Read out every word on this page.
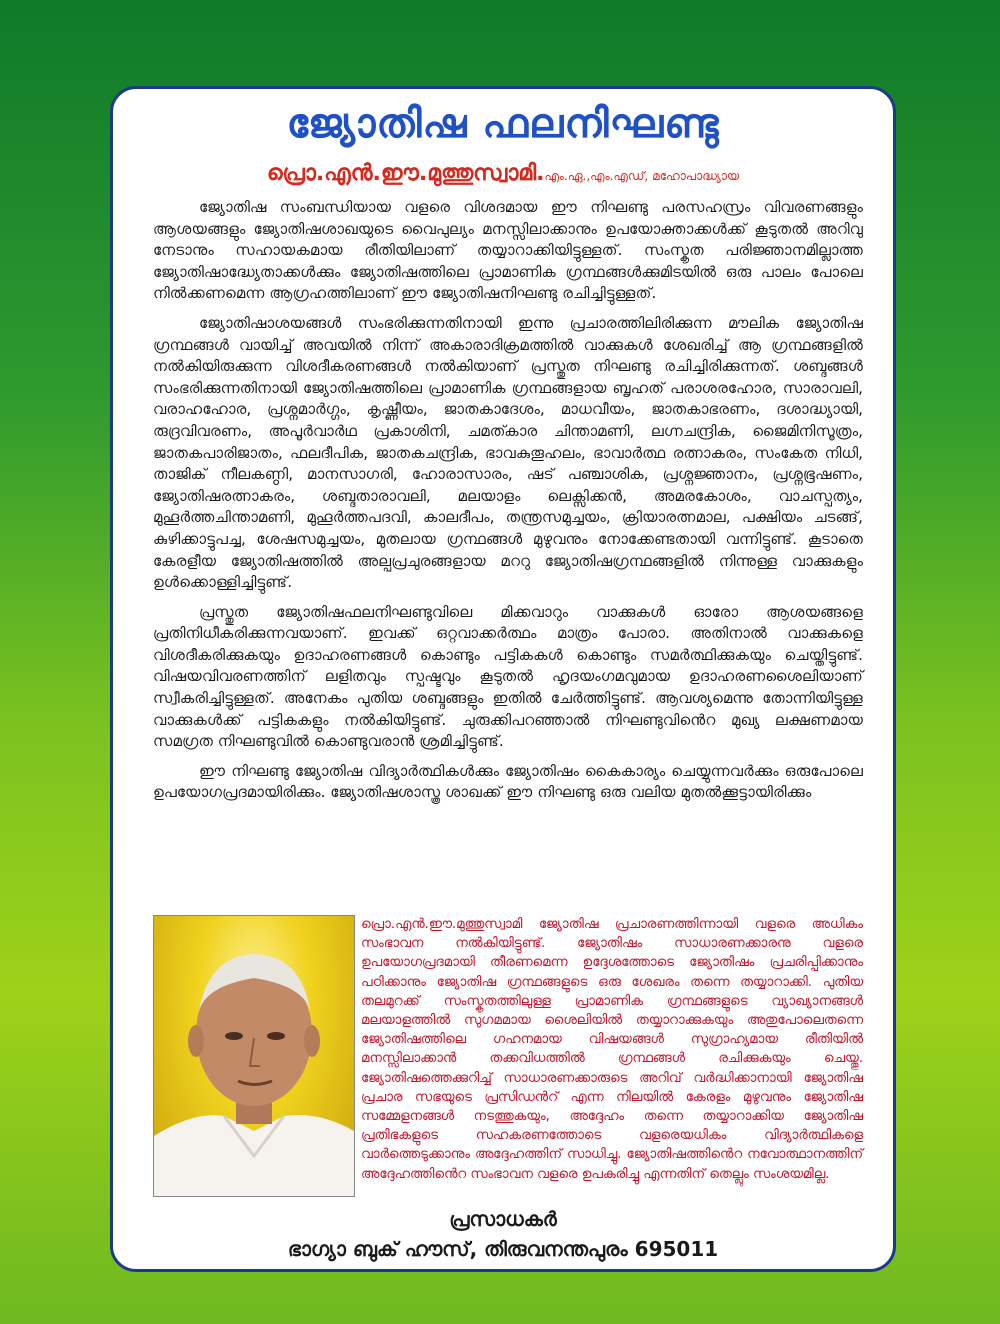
ജ്യോതിഷ ഫലനിഘണ്ടു
പ്രൊ.എൻ.ഈ.മുത്തുസ്വാമി.എം.ഏ.,എം.എഡ്, മഹോപാദ്ധ്യായ

ജ്യോതിഷ സംബന്ധിയായ വളരെ വിശദമായ ഈ നിഘണ്ടു പരസഹസ്രം വിവരണങ്ങളും ആശയങ്ങളും ജ്യോതിഷശാഖയുടെ വൈപുല്യം മനസ്സിലാക്കാനും ഉപയോക്താക്കൾക്ക് കൂടുതൽ അറിവു നേടാനും സഹായകമായ രീതിയിലാണ് തയ്യാറാക്കിയിട്ടുള്ളത്. സംസ്കൃത പരിജ്ഞാനമില്ലാത്ത ജ്യോതിഷാദ്ധ്യേതാക്കൾക്കും ജ്യോതിഷത്തിലെ പ്രാമാണിക ഗ്രന്ഥങ്ങൾക്കുമിടയിൽ ഒരു പാലം പോലെ നിൽക്കണമെന്ന ആഗ്രഹത്തിലാണ് ഈ ജ്യോതിഷനിഘണ്ടു രചിച്ചിട്ടുള്ളത്.

ജ്യോതിഷാശയങ്ങൾ സംഭരിക്കുന്നതിനായി ഇന്നു പ്രചാരത്തിലിരിക്കുന്ന മൗലിക ജ്യോതിഷ ഗ്രന്ഥങ്ങൾ വായിച്ച് അവയിൽ നിന്ന് അകാരാദിക്രമത്തിൽ വാക്കുകൾ ശേഖരിച്ച് ആ ഗ്രന്ഥങ്ങളിൽ നൽകിയിരുക്കുന്ന വിശദീകരണങ്ങൾ നൽകിയാണ് പ്രസ്തുത നിഘണ്ടു രചിച്ചിരിക്കുന്നത്. ശബ്ദങ്ങൾ സംഭരിക്കുന്നതിനായി ജ്യോതിഷത്തിലെ പ്രാമാണിക ഗ്രന്ഥങ്ങളായ ബൃഹത് പരാശരഹോര, സാരാവലി, വരാഹഹോര, പ്രശ്നമാർഗ്ഗം, കൃഷ്ണീയം, ജാതകാദേശം, മാധവീയം, ജാതകാഭരണം, ദശാദ്ധ്യായി, രുദ്രവിവരണം, അപൂർവാർഥ പ്രകാശിനി, ചമത്കാര ചിന്താമണി, ലഗ്നചന്ദ്രിക, ജൈമിനിസൂത്രം, ജാതകപാരിജാതം, ഫലദീപിക, ജാതകചന്ദ്രിക, ഭാവകുതൂഹലം, ഭാവാർത്ഥ രത്നാകരം, സംകേത നിധി, താജിക് നീലകണ്ഠി, മാനസാഗരി, ഹോരാസാരം, ഷട് പഞ്ചാശിക, പ്രശ്നജ്ഞാനം, പ്രശ്നഭൂഷണം, ജ്യോതിഷരത്നാകരം, ശബ്ദതാരാവലി, മലയാളം ലെക്സിക്കൻ, അമരകോശം, വാചസ്പത്യം, മുഹൂർത്തചിന്താമണി, മുഹൂർത്തപദവി, കാലദീപം, തന്ത്രസമുച്ചയം, ക്രിയാരത്നമാല, പക്ഷിയം ചടങ്ങ്, കുഴിക്കാട്ടുപച്ച, ശേഷസമുച്ചയം, മുതലായ ഗ്രന്ഥങ്ങൾ മുഴുവനും നോക്കേണ്ടതായി വന്നിട്ടുണ്ട്. കൂടാതെ കേരളീയ ജ്യോതിഷത്തിൽ അല്പപ്രചുരങ്ങളായ മററു ജ്യോതിഷഗ്രന്ഥങ്ങളിൽ നിന്നുള്ള വാക്കുകളും ഉൾക്കൊള്ളിച്ചിട്ടുണ്ട്.

പ്രസ്തുത ജ്യോതിഷഫലനിഘണ്ടുവിലെ മിക്കവാറും വാക്കുകൾ ഓരോ ആശയങ്ങളെ പ്രതിനിധീകരിക്കുന്നവയാണ്. ഇവക്ക് ഒറ്റവാക്കർത്ഥം മാത്രം പോരാ. അതിനാൽ വാക്കുകളെ വിശദീകരിക്കുകയും ഉദാഹരണങ്ങൾ കൊണ്ടും പട്ടികകൾ കൊണ്ടും സമർത്ഥിക്കുകയും ചെയ്തിട്ടുണ്ട്. വിഷയവിവരണത്തിന് ലളിതവും സ്പഷ്ടവും കൂടുതൽ ഹൃദയംഗമവുമായ ഉദാഹരണശൈലിയാണ് സ്വീകരിച്ചിട്ടുള്ളത്. അനേകം പുതിയ ശബ്ദങ്ങളും ഇതിൽ ചേർത്തിട്ടുണ്ട്. ആവശ്യമെന്നു തോന്നിയിട്ടുള്ള വാക്കുകൾക്ക് പട്ടികകളും നൽകിയിട്ടുണ്ട്. ചുരുക്കിപറഞ്ഞാൽ നിഘണ്ടുവിൻെറ മുഖ്യ ലക്ഷണമായ സമഗ്രത നിഘണ്ടുവിൽ കൊണ്ടുവരാൻ ശ്രമിച്ചിട്ടുണ്ട്.

ഈ നിഘണ്ടു ജ്യോതിഷ വിദ്യാർത്ഥികൾക്കും ജ്യോതിഷം കൈകാര്യം ചെയ്യുന്നവർക്കും ഒരുപോലെ ഉപയോഗപ്രദമായിരിക്കും. ജ്യോതിഷശാസ്ത്ര ശാഖക്ക് ഈ നിഘണ്ടു ഒരു വലിയ മുതൽക്കൂട്ടായിരിക്കും

പ്രൊ.എൻ.ഈ.മുത്തുസ്വാമി ജ്യോതിഷ പ്രചാരണത്തിന്നായി വളരെ അധികം സംഭാവന നൽകിയിട്ടുണ്ട്. ജ്യോതിഷം സാധാരണക്കാരനു വളരെ ഉപയോഗപ്രദമായി തീരണമെന്ന ഉദ്ദേശത്തോടെ ജ്യോതിഷം പ്രചരിപ്പിക്കാനും പഠിക്കാനും ജ്യോതിഷ ഗ്രന്ഥങ്ങളുടെ ഒരു ശേഖരം തന്നെ തയ്യാറാക്കി. പുതിയ തലമുറക്ക് സംസ്കൃതത്തിലുള്ള പ്രാമാണിക ഗ്രന്ഥങ്ങളുടെ വ്യാഖ്യാനങ്ങൾ മലയാളത്തിൽ സുഗമമായ ശൈലിയിൽ തയ്യാറാക്കുകയും അതുപോലെതന്നെ ജ്യോതിഷത്തിലെ ഗഹനമായ വിഷയങ്ങൾ സുഗ്രാഹ്യമായ രീതിയിൽ മനസ്സിലാക്കാൻ തക്കവിധത്തിൽ ഗ്രന്ഥങ്ങൾ രചിക്കുകയും ചെയ്തു. ജ്യോതിഷത്തെക്കുറിച്ച് സാധാരണക്കാരുടെ അറിവ് വർദ്ധിക്കാനായി ജ്യോതിഷ പ്രചാര സഭയുടെ പ്രസിഡൻറ് എന്ന നിലയിൽ കേരളം മുഴുവനും ജ്യോതിഷ സമ്മേളനങ്ങൾ നടത്തുകയും, അദ്ദേഹം തന്നെ തയ്യാറാക്കിയ ജ്യോതിഷ പ്രതിഭകളുടെ സഹകരണത്തോടെ വളരെയധികം വിദ്യാർത്ഥികളെ വാർത്തെടുക്കാനും അദ്ദേഹത്തിന് സാധിച്ചു. ജ്യോതിഷത്തിൻെറ നവോത്ഥാനത്തിന് അദ്ദേഹത്തിൻെറ സംഭാവന വളരെ ഉപകരിച്ചു എന്നതിന് തെല്ലും സംശയമില്ല.
പ്രസാധകർ
ഭാഗ്യാ ബുക് ഹൗസ്, തിരുവനന്തപുരം 695011
